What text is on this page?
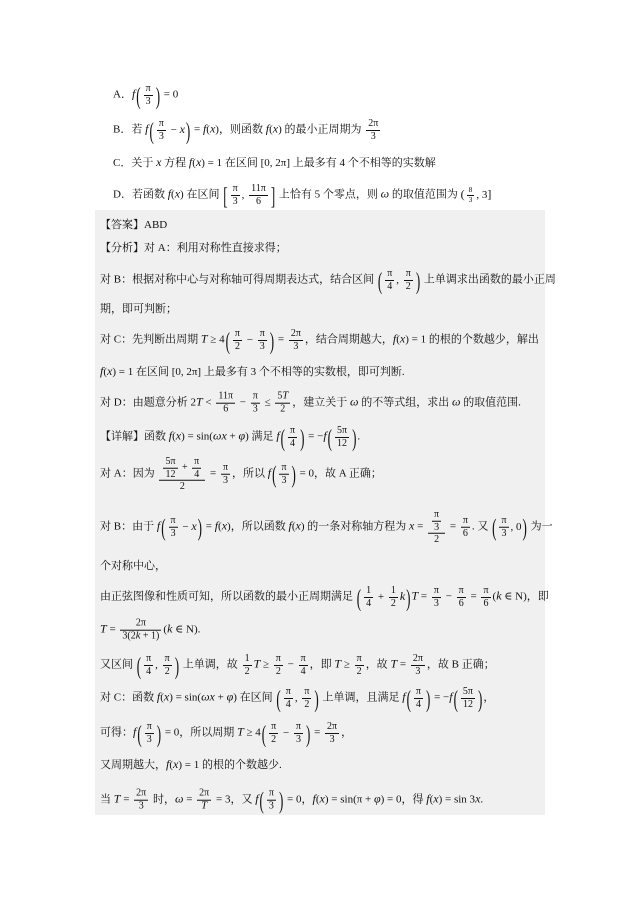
A．$f( \frac{\pi}{3}$ ) = 0
B．若 $f( \frac{\pi}{3} - x) = f(x)$，则函数 f(x) 的最小正周期为 $\frac{2\pi}{3}$
C．关于 x 方程 f(x) = 1 在区间 [0, 2π] 上最多有 4 个不相等的实数解
D．若函数 f(x) 在区间 [ $\frac{\pi}{3}$ , $\frac{11\pi}{6}$ ] 上恰有 5 个零点，则 ω 的取值范围为 ( $\frac{8}{3}$ , 3]
【答案】ABD
【分析】对 A：利用对称性直接求得；
对 B：根据对称中心与对称轴可得周期表达式，结合区间 ( $\frac{\pi}{4}$ , $\frac{\pi}{2}$ ) 上单调求出函数的最小正周
期，即可判断；
对 C：先判断出周期 $T \ge 4( \frac{\pi}{2} - \frac{\pi}{3}$ ) = $\frac{2\pi}{3}$ ，结合周期越大，f(x) = 1 的根的个数越少，解出
f(x) = 1 在区间 [0, 2π] 上最多有 3 个不相等的实数根，即可判断.
对 D：由题意分析 $2T < \frac{11\pi}{6} - \frac{\pi}{3} \le \frac{5T}{2}$ ，建立关于 ω 的不等式组，求出 ω 的取值范围.
【详解】函数 f(x) = sin(ωx + φ) 满足 $f( \frac{\pi}{4}$ ) = $-f( \frac{5\pi}{12}$ ).
对 A：因为 $\frac{\frac{5\pi}{12} + \frac{\pi}{4}}{2} = \frac{\pi}{3}$ ，所以 $f( \frac{\pi}{3}$ ) = 0，故 A 正确；
对 B：由于 $f( \frac{\pi}{3} - x) = f(x)$，所以函数 f(x) 的一条对称轴方程为 $x = \frac{\frac{\pi}{3}}{2} = \frac{\pi}{6}$ . 又 ( $\frac{\pi}{3}$ , 0) 为一
个对称中心，
由正弦图像和性质可知，所以函数的最小正周期满足 ( $\frac{1}{4} + \frac{1}{2} k)T = \frac{\pi}{3} - \frac{\pi}{6} = \frac{\pi}{6} (k$ ∈ N)，即
$T = \frac{2\pi}{3(2k + 1)} (k$ ∈ N).
又区间 ( $\frac{\pi}{4}$ , $\frac{\pi}{2}$ ) 上单调，故 $\frac{1}{2}$ $T \ge \frac{\pi}{2} - \frac{\pi}{4}$ ，即 $T \ge \frac{\pi}{2}$ ，故 $T = \frac{2\pi}{3}$ ，故 B 正确；
对 C：函数 f(x) = sin(ωx + φ) 在区间 ( $\frac{\pi}{4}$ , $\frac{\pi}{2}$ ) 上单调，且满足 $f( \frac{\pi}{4}$ ) = $-f( \frac{5\pi}{12}$ )，
可得：$f( \frac{\pi}{3}$ ) = 0，所以周期 $T \ge 4( \frac{\pi}{2} - \frac{\pi}{3}$ ) = $\frac{2\pi}{3}$ ，
又周期越大，f(x) = 1 的根的个数越少.
当 $T = \frac{2\pi}{3}$ 时，$\omega = \frac{2\pi}{T} = 3$，又 $f( \frac{\pi}{3}$ ) = 0，f(x) = sin(π + φ) = 0，得 f(x) = sin 3x.
